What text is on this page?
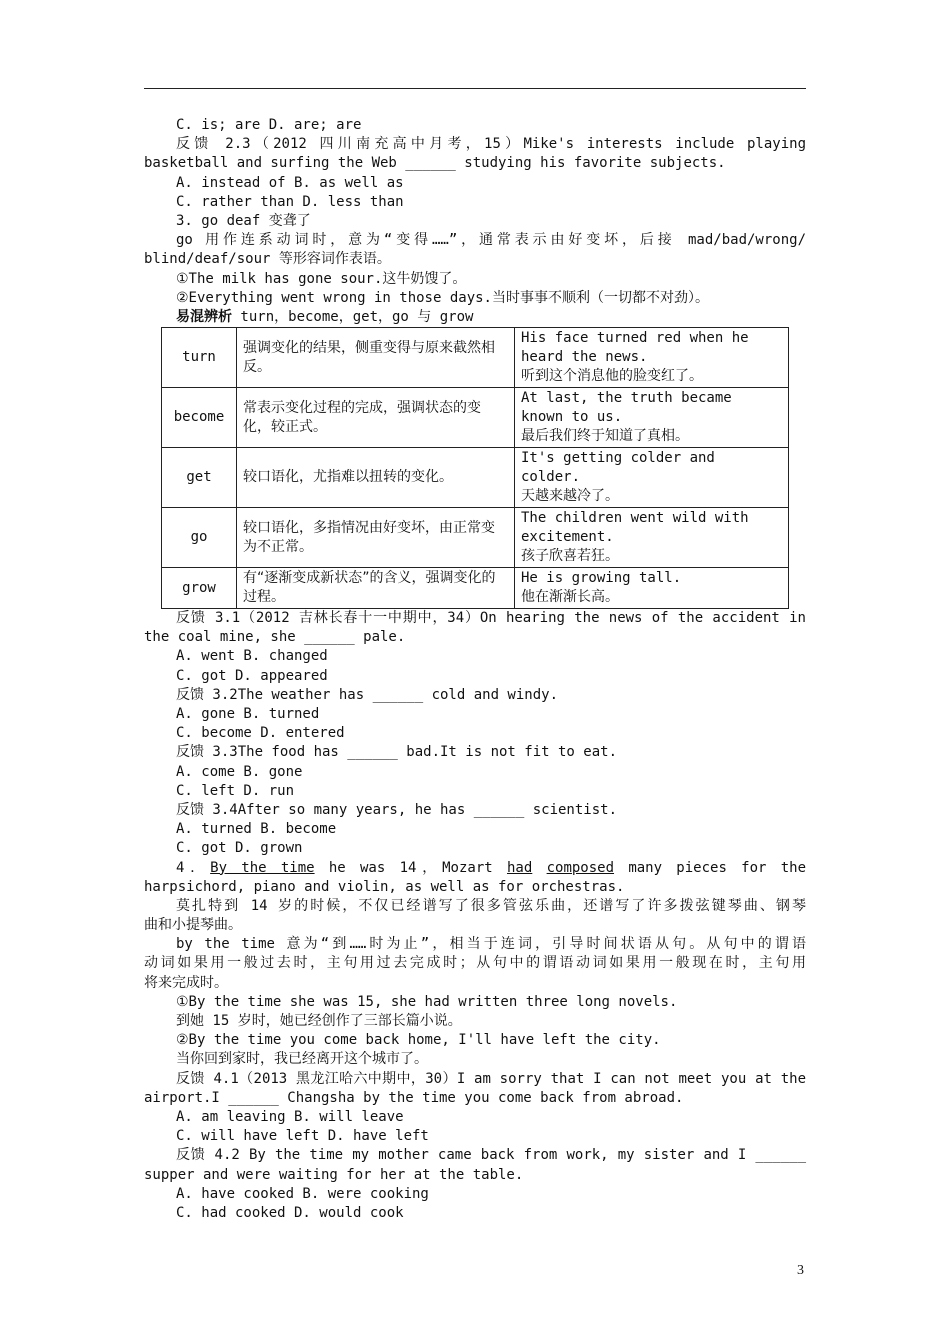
C. is; are D. are; are
反馈 2.3（2012 四川南充高中月考，15）Mike's interests include playing
basketball and surfing the Web ______ studying his favorite subjects.
A. instead of B. as well as
C. rather than D. less than
3. go deaf 变聋了
go 用作连系动词时，意为“变得……”，通常表示由好变坏，后接 mad/bad/wrong/
blind/deaf/sour 等形容词作表语。
①The milk has gone sour.这牛奶馊了。
②Everything went wrong in those days.当时事事不顺利（一切都不对劲）。
易混辨析 turn，become，get，go 与 grow
turn	强调变化的结果，侧重变得与原来截然相反。	His face turned red when he heard the news.
听到这个消息他的脸变红了。

become	常表示变化过程的完成，强调状态的变化，较正式。	At last, the truth became known to us.
最后我们终于知道了真相。

get	较口语化，尤指难以扭转的变化。	It's getting colder and colder.
天越来越冷了。

go	较口语化，多指情况由好变坏，由正常变为不正常。	The children went wild with excitement.
孩子欣喜若狂。

grow	有“逐渐变成新状态”的含义，强调变化的过程。	He is growing tall.
他在渐渐长高。
反馈 3.1（2012 吉林长春十一中期中，34）On hearing the news of the accident in
the coal mine, she ______ pale.
A. went B. changed
C. got D. appeared
反馈 3.2The weather has ______ cold and windy.
A. gone B. turned
C. become D. entered
反馈 3.3The food has ______ bad.It is not fit to eat.
A. come B. gone
C. left D. run
反馈 3.4After so many years, he has ______ scientist.
A. turned B. become
C. got D. grown
4．By the time he was 14，Mozart had composed many pieces for the
harpsichord, piano and violin, as well as for orchestras.
莫扎特到 14 岁的时候，不仅已经谱写了很多管弦乐曲，还谱写了许多拨弦键琴曲、钢琴
曲和小提琴曲。
by the time 意为“到……时为止”，相当于连词，引导时间状语从句。从句中的谓语
动词如果用一般过去时，主句用过去完成时；从句中的谓语动词如果用一般现在时，主句用
将来完成时。
①By the time she was 15, she had written three long novels.
到她 15 岁时，她已经创作了三部长篇小说。
②By the time you come back home, I'll have left the city.
当你回到家时，我已经离开这个城市了。
反馈 4.1（2013 黑龙江哈六中期中，30）I am sorry that I can not meet you at the
airport.I ______ Changsha by the time you come back from abroad.
A. am leaving B. will leave
C. will have left D. have left
反馈 4.2 By the time my mother came back from work, my sister and I ______
supper and were waiting for her at the table.
A. have cooked B. were cooking
C. had cooked D. would cook
3
